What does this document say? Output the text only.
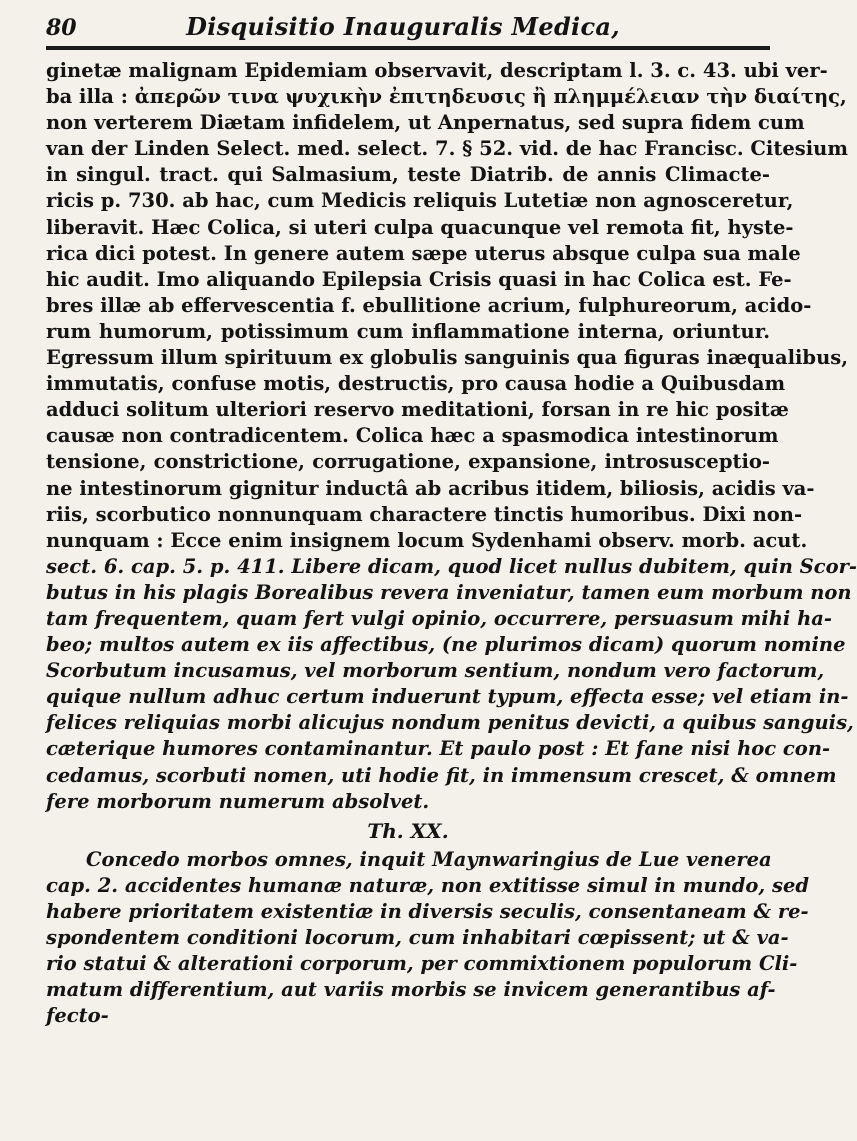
80	Disquisitio Inauguralis Medica,
ginetæ malignam Epidemiam observavit, descriptam l. 3. c. 43. ubi ver-
ba illa : ἀπερῶν τινα ψυχικὴν ἐπιτηδευσις ἢ πλημμέλειαν τὴν διαίτης,
non verterem Diætam infidelem, ut Anpernatus, sed supra fidem cum
van der Linden Select. med. select. 7. § 52. vid. de hac Francisc. Citesium
in singul. tract. qui Salmasium, teste Diatrib. de annis Climacte-
ricis p. 730. ab hac, cum Medicis reliquis Lutetiæ non agnosceretur,
liberavit. Hæc Colica, si uteri culpa quacunque vel remota fit, hyste-
rica dici potest. In genere autem sæpe uterus absque culpa sua male
hic audit. Imo aliquando Epilepsia Crisis quasi in hac Colica est. Fe-
bres illæ ab effervescentia f. ebullitione acrium, fulphureorum, acido-
rum humorum, potissimum cum inflammatione interna, oriuntur.
Egressum illum spirituum ex globulis sanguinis qua figuras inæqualibus,
immutatis, confuse motis, destructis, pro causa hodie a Quibusdam
adduci solitum ulteriori reservo meditationi, forsan in re hic positæ
causæ non contradicentem. Colica hæc a spasmodica intestinorum
tensione, constrictione, corrugatione, expansione, introsusceptio-
ne intestinorum gignitur inductâ ab acribus itidem, biliosis, acidis va-
riis, scorbutico nonnunquam charactere tinctis humoribus. Dixi non-
nunquam : Ecce enim insignem locum Sydenhami observ. morb. acut.
sect. 6. cap. 5. p. 411. Libere dicam, quod licet nullus dubitem, quin Scor-
butus in his plagis Borealibus revera inveniatur, tamen eum morbum non
tam frequentem, quam fert vulgi opinio, occurrere, persuasum mihi ha-
beo; multos autem ex iis affectibus, (ne plurimos dicam) quorum nomine
Scorbutum incusamus, vel morborum sentium, nondum vero factorum,
quique nullum adhuc certum induerunt typum, effecta esse; vel etiam in-
felices reliquias morbi alicujus nondum penitus devicti, a quibus sanguis,
cæterique humores contaminantur. Et paulo post : Et fane nisi hoc con-
cedamus, scorbuti nomen, uti hodie fit, in immensum crescet, & omnem
fere morborum numerum absolvet.
Th. XX.
Concedo morbos omnes, inquit Maynwaringius de Lue venerea
cap. 2. accidentes humanæ naturæ, non extitisse simul in mundo, sed
habere prioritatem existentiæ in diversis seculis, consentaneam & re-
spondentem conditioni locorum, cum inhabitari cœpissent; ut & va-
rio statui & alterationi corporum, per commixtionem populorum Cli-
matum differentium, aut variis morbis se invicem generantibus af-
fecto-
